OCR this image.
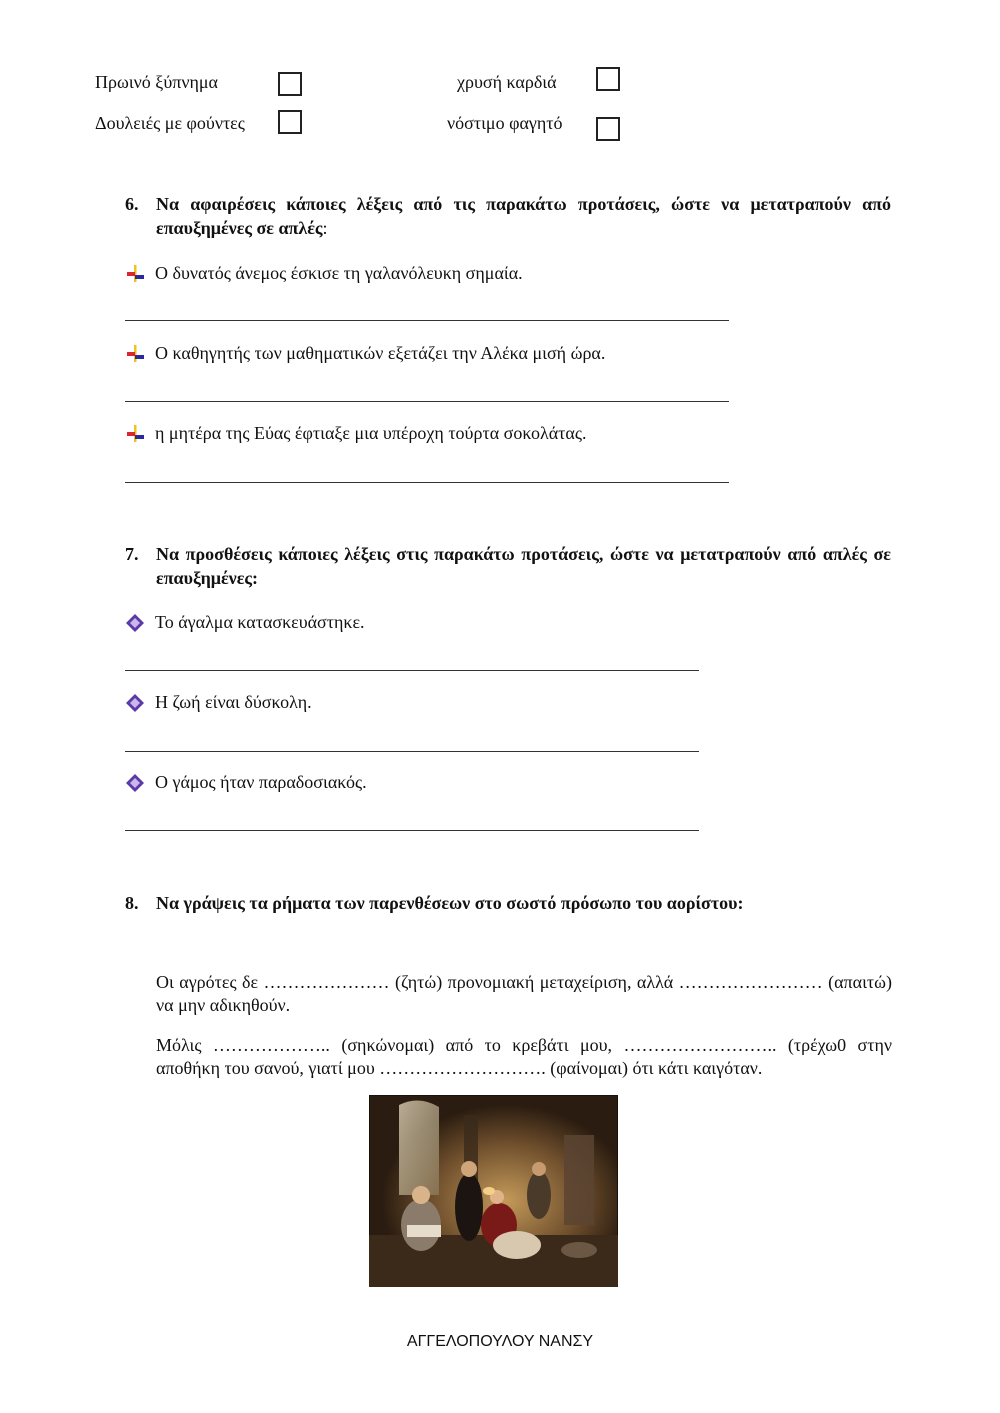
Πρωινό ξύπνημα
Δουλειές με φούντες
χρυσή καρδιά
νόστιμο φαγητό
6. Να αφαιρέσεις κάποιες λέξεις από τις παρακάτω προτάσεις, ώστε να μετατραπούν από επαυξημένες σε απλές:
Ο δυνατός άνεμος έσκισε τη γαλανόλευκη σημαία.
Ο καθηγητής των μαθηματικών εξετάζει την Αλέκα μισή ώρα.
η μητέρα της Εύας έφτιαξε μια υπέροχη τούρτα σοκολάτας.
7. Να προσθέσεις κάποιες λέξεις στις παρακάτω προτάσεις, ώστε να μετατραπούν από απλές σε επαυξημένες:
Το άγαλμα κατασκευάστηκε.
Η ζωή είναι δύσκολη.
Ο γάμος ήταν παραδοσιακός.
8. Να γράψεις τα ρήματα των παρενθέσεων στο σωστό πρόσωπο του αορίστου:
Οι αγρότες δε ………………… (ζητώ) προνομιακή μεταχείριση, αλλά …………………… (απαιτώ) να μην αδικηθούν.
Μόλις ……………….. (σηκώνομαι) από το κρεβάτι μου, …………………….. (τρέχω0 στην αποθήκη του σανού, γιατί μου ………………………. (φαίνομαι) ότι κάτι καιγόταν.
ΑΓΓΕΛΟΠΟΥΛΟΥ ΝΑΝΣΥ
